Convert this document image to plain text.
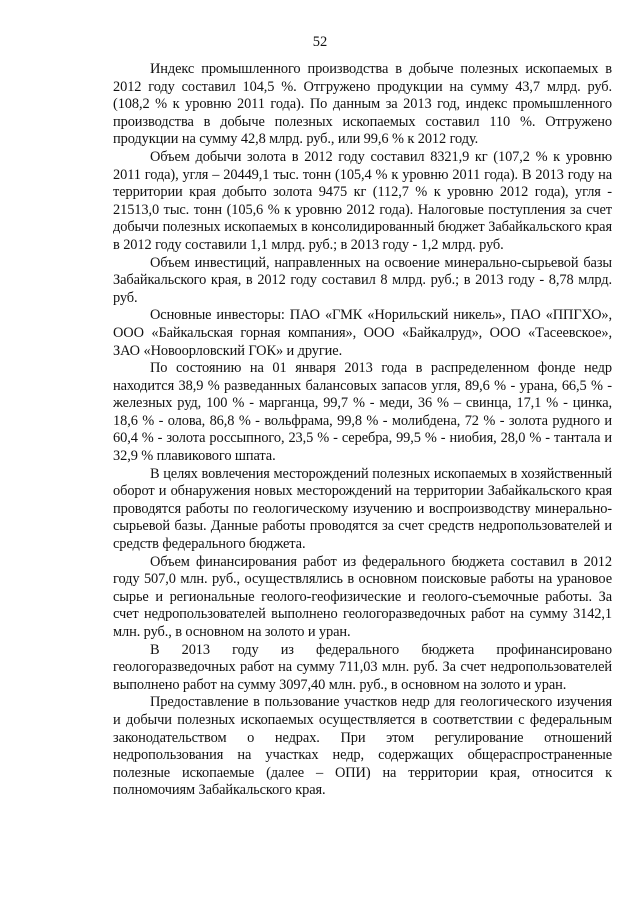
52

Индекс промышленного производства в добыче полезных ископаемых в 2012 году составил 104,5 %. Отгружено продукции на сумму 43,7 млрд. руб. (108,2 % к уровню 2011 года). По данным за 2013 год, индекс промышленного производства в добыче полезных ископаемых составил 110 %. Отгружено продукции на сумму 42,8 млрд. руб., или 99,6 % к 2012 году.

Объем добычи золота в 2012 году составил 8321,9 кг (107,2 % к уровню 2011 года), угля – 20449,1 тыс. тонн (105,4 % к уровню 2011 года). В 2013 году на территории края добыто золота 9475 кг (112,7 % к уровню 2012 года), угля - 21513,0 тыс. тонн (105,6 % к уровню 2012 года). Налоговые поступления за счет добычи полезных ископаемых в консолидированный бюджет Забайкальского края в 2012 году составили 1,1 млрд. руб.; в 2013 году - 1,2 млрд. руб.

Объем инвестиций, направленных на освоение минерально-сырьевой базы Забайкальского края, в 2012 году составил 8 млрд. руб.; в 2013 году - 8,78 млрд. руб.

Основные инвесторы: ПАО «ГМК «Норильский никель», ПАО «ППГХО», ООО «Байкальская горная компания», ООО «Байкалруд», ООО «Тасеевское», ЗАО «Новоорловский ГОК» и другие.

По состоянию на 01 января 2013 года в распределенном фонде недр находится 38,9 % разведанных балансовых запасов угля, 89,6 % - урана, 66,5 % - железных руд, 100 % - марганца, 99,7 % - меди, 36 % – свинца, 17,1 % - цинка, 18,6 % - олова, 86,8 % - вольфрама, 99,8 % - молибдена, 72 % - золота рудного и 60,4 % - золота россыпного, 23,5 % - серебра, 99,5 % - ниобия, 28,0 % - тантала и 32,9 % плавикового шпата.

В целях вовлечения месторождений полезных ископаемых в хозяйственный оборот и обнаружения новых месторождений на территории Забайкальского края проводятся работы по геологическому изучению и воспроизводству минерально-сырьевой базы. Данные работы проводятся за счет средств недропользователей и средств федерального бюджета.

Объем финансирования работ из федерального бюджета составил в 2012 году 507,0 млн. руб., осуществлялись в основном поисковые работы на урановое сырье и региональные геолого-геофизические и геолого-съемочные работы. За счет недропользователей выполнено геологоразведочных работ на сумму 3142,1 млн. руб., в основном на золото и уран.

В 2013 году из федерального бюджета профинансировано геологоразведочных работ на сумму 711,03 млн. руб. За счет недропользователей выполнено работ на сумму 3097,40 млн. руб., в основном на золото и уран.

Предоставление в пользование участков недр для геологического изучения и добычи полезных ископаемых осуществляется в соответствии с федеральным законодательством о недрах. При этом регулирование отношений недропользования на участках недр, содержащих общераспространенные полезные ископаемые (далее – ОПИ) на территории края, относится к полномочиям Забайкальского края.
